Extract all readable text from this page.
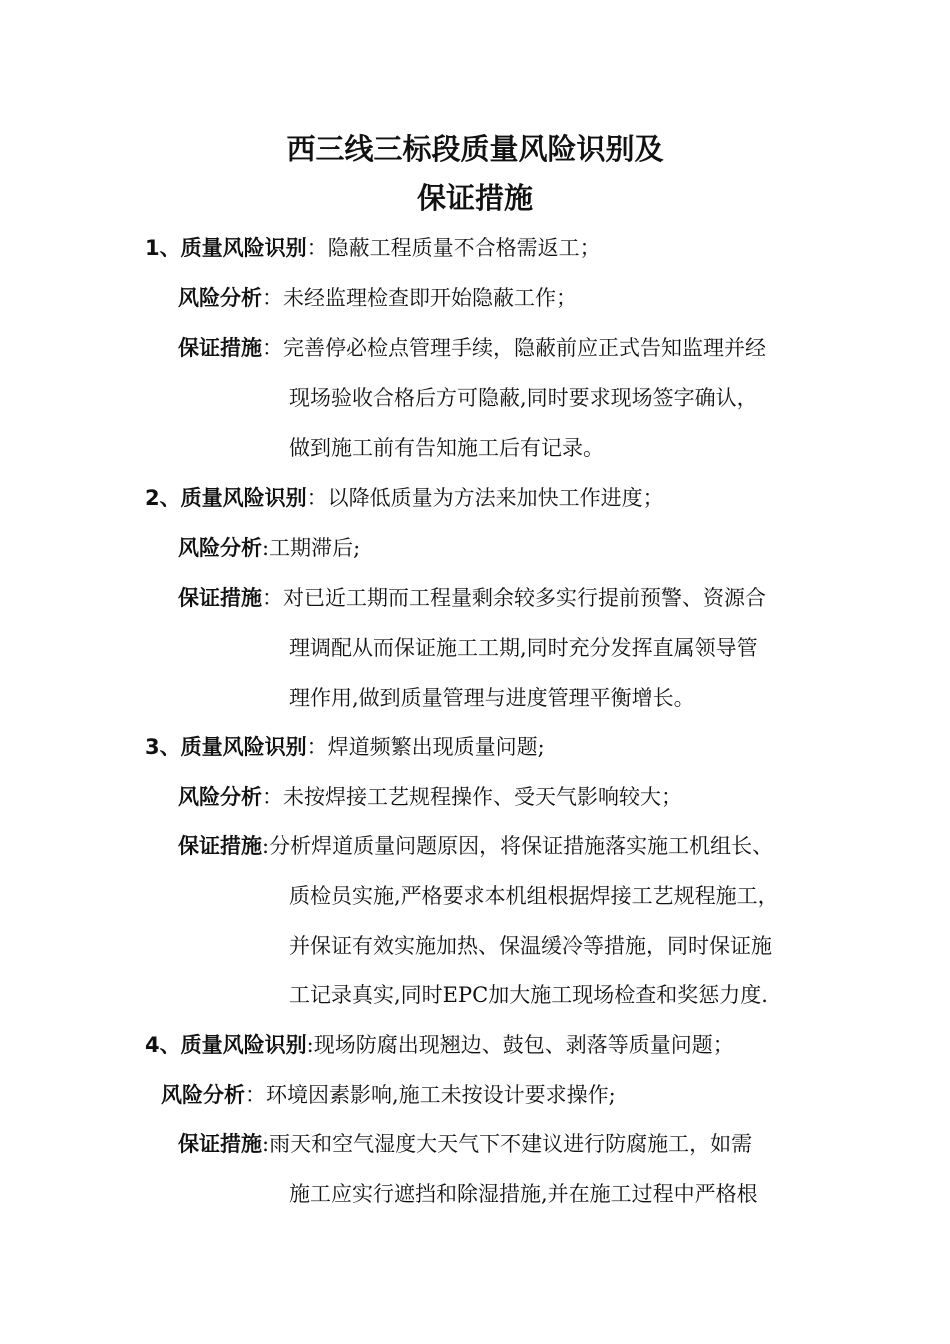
西三线三标段质量风险识别及
保证措施
1、质量风险识别：隐蔽工程质量不合格需返工；
风险分析：未经监理检查即开始隐蔽工作；
保证措施：完善停必检点管理手续，隐蔽前应正式告知监理并经
现场验收合格后方可隐蔽,同时要求现场签字确认，
做到施工前有告知施工后有记录。
2、质量风险识别：以降低质量为方法来加快工作进度；
风险分析:工期滞后;
保证措施：对已近工期而工程量剩余较多实行提前预警、资源合
理调配从而保证施工工期,同时充分发挥直属领导管
理作用,做到质量管理与进度管理平衡增长。
3、质量风险识别：焊道频繁出现质量问题;
风险分析：未按焊接工艺规程操作、受天气影响较大；
保证措施:分析焊道质量问题原因，将保证措施落实施工机组长、
质检员实施,严格要求本机组根据焊接工艺规程施工，
并保证有效实施加热、保温缓冷等措施，同时保证施
工记录真实,同时EPC加大施工现场检查和奖惩力度.
4、质量风险识别:现场防腐出现翘边、鼓包、剥落等质量问题；
风险分析：环境因素影响,施工未按设计要求操作;
保证措施:雨天和空气湿度大天气下不建议进行防腐施工，如需
施工应实行遮挡和除湿措施,并在施工过程中严格根
